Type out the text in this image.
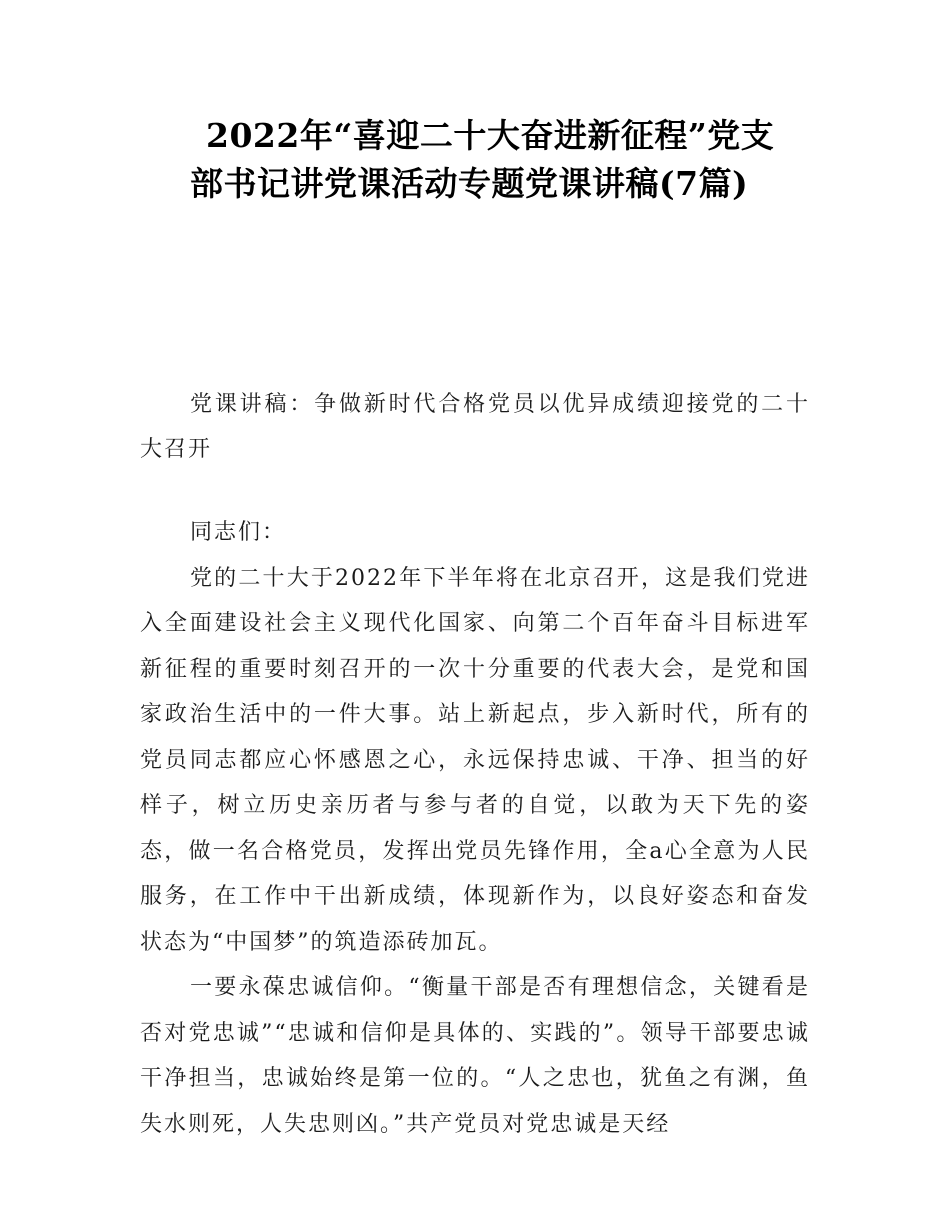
2022年“喜迎二十大奋进新征程”党支
部书记讲党课活动专题党课讲稿(7篇)
党课讲稿：争做新时代合格党员以优异成绩迎接党的二十大召开

同志们：

党的二十大于2022年下半年将在北京召开，这是我们党进入全面建设社会主义现代化国家、向第二个百年奋斗目标进军新征程的重要时刻召开的一次十分重要的代表大会，是党和国家政治生活中的一件大事。站上新起点，步入新时代，所有的党员同志都应心怀感恩之心，永远保持忠诚、干净、担当的好样子，树立历史亲历者与参与者的自觉，以敢为天下先的姿态，做一名合格党员，发挥出党员先锋作用，全a心全意为人民服务，在工作中干出新成绩，体现新作为，以良好姿态和奋发状态为“中国梦”的筑造添砖加瓦。

一要永葆忠诚信仰。“衡量干部是否有理想信念，关键看是否对党忠诚”“忠诚和信仰是具体的、实践的”。领导干部要忠诚干净担当，忠诚始终是第一位的。“人之忠也，犹鱼之有渊，鱼失水则死，人失忠则凶。”共产党员对党忠诚是天经
